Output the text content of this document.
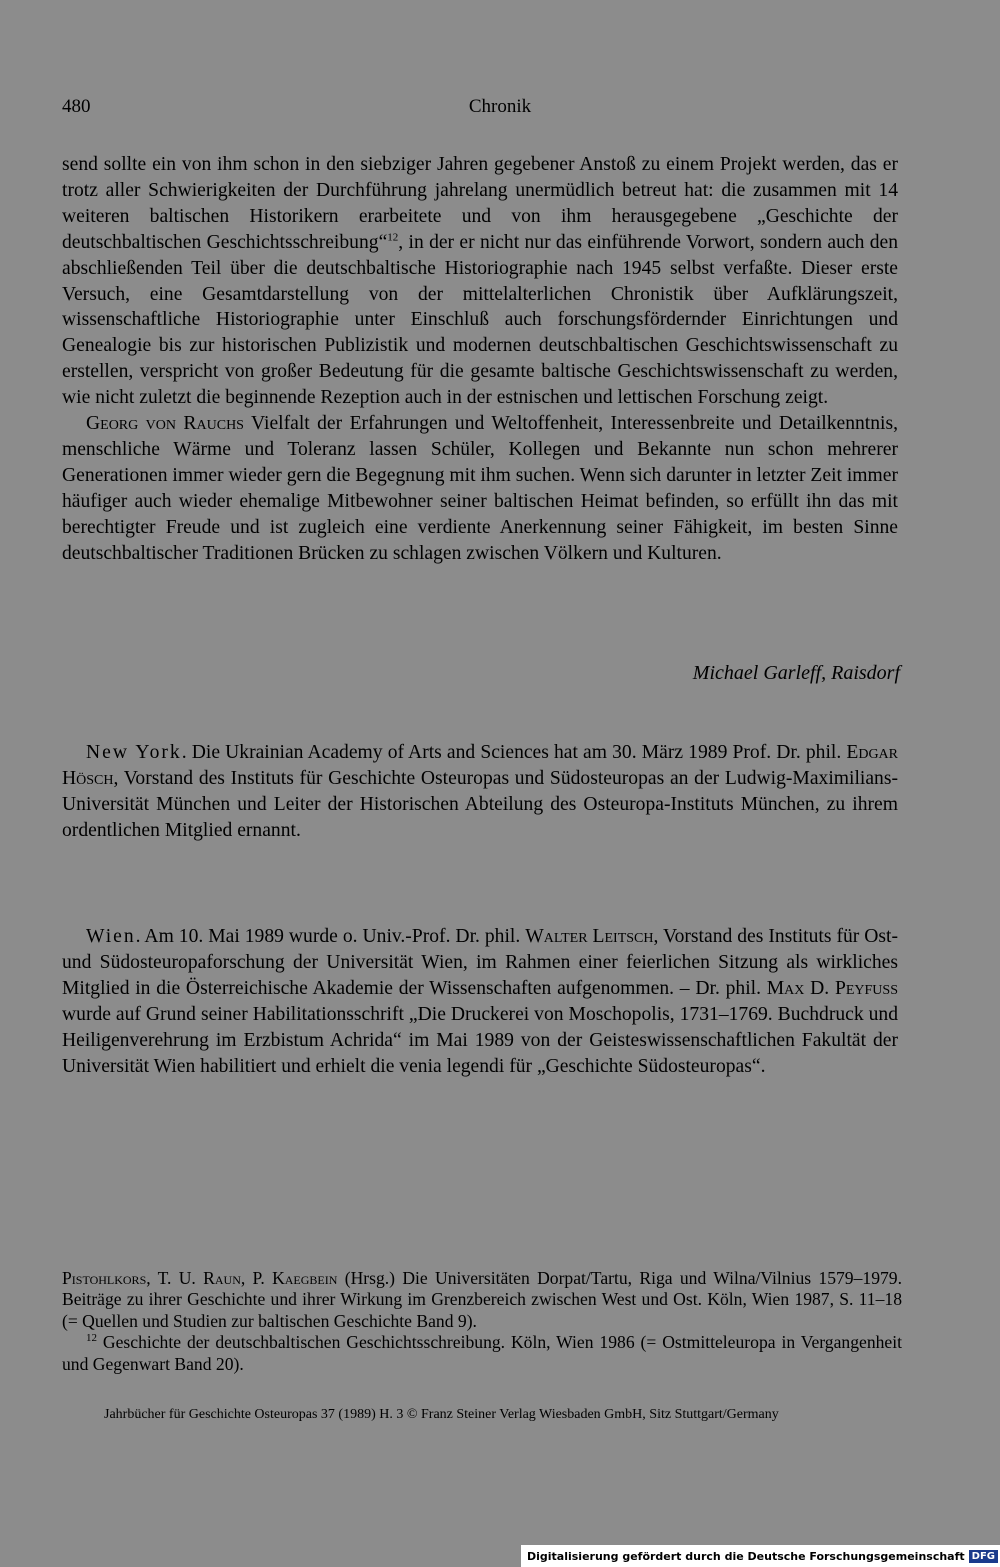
480	Chronik

send sollte ein von ihm schon in den siebziger Jahren gegebener Anstoß zu einem Projekt werden, das er trotz aller Schwierigkeiten der Durchführung jahrelang unermüdlich betreut hat: die zusammen mit 14 weiteren baltischen Historikern erarbeitete und von ihm herausgegebene „Geschichte der deutschbaltischen Geschichtsschreibung“$^{12}$, in der er nicht nur das einführende Vorwort, sondern auch den abschließenden Teil über die deutschbaltische Historiographie nach 1945 selbst verfaßte. Dieser erste Versuch, eine Gesamtdarstellung von der mittelalterlichen Chronistik über Aufklärungszeit, wissenschaftliche Historiographie unter Einschluß auch forschungsfördernder Einrichtungen und Genealogie bis zur historischen Publizistik und modernen deutschbaltischen Geschichtswissenschaft zu erstellen, verspricht von großer Bedeutung für die gesamte baltische Geschichtswissenschaft zu werden, wie nicht zuletzt die beginnende Rezeption auch in der estnischen und lettischen Forschung zeigt.

Georg von Rauchs Vielfalt der Erfahrungen und Weltoffenheit, Interessenbreite und Detailkenntnis, menschliche Wärme und Toleranz lassen Schüler, Kollegen und Bekannte nun schon mehrerer Generationen immer wieder gern die Begegnung mit ihm suchen. Wenn sich darunter in letzter Zeit immer häufiger auch wieder ehemalige Mitbewohner seiner baltischen Heimat befinden, so erfüllt ihn das mit berechtigter Freude und ist zugleich eine verdiente Anerkennung seiner Fähigkeit, im besten Sinne deutschbaltischer Traditionen Brücken zu schlagen zwischen Völkern und Kulturen.

Michael Garleff, Raisdorf

New York. Die Ukrainian Academy of Arts and Sciences hat am 30. März 1989 Prof. Dr. phil. Edgar Hösch, Vorstand des Instituts für Geschichte Osteuropas und Südosteuropas an der Ludwig-Maximilians-Universität München und Leiter der Historischen Abteilung des Osteuropa-Instituts München, zu ihrem ordentlichen Mitglied ernannt.

Wien. Am 10. Mai 1989 wurde o. Univ.-Prof. Dr. phil. Walter Leitsch, Vorstand des Instituts für Ost- und Südosteuropaforschung der Universität Wien, im Rahmen einer feierlichen Sitzung als wirkliches Mitglied in die Österreichische Akademie der Wissenschaften aufgenommen. – Dr. phil. Max D. Peyfuss wurde auf Grund seiner Habilitationsschrift „Die Druckerei von Moschopolis, 1731–1769. Buchdruck und Heiligenverehrung im Erzbistum Achrida“ im Mai 1989 von der Geisteswissenschaftlichen Fakultät der Universität Wien habilitiert und erhielt die venia legendi für „Geschichte Südosteuropas“.

Pistohlkors, T. U. Raun, P. Kaegbein (Hrsg.) Die Universitäten Dorpat/Tartu, Riga und Wilna/Vilnius 1579–1979. Beiträge zu ihrer Geschichte und ihrer Wirkung im Grenzbereich zwischen West und Ost. Köln, Wien 1987, S. 11–18 (= Quellen und Studien zur baltischen Geschichte Band 9).

$^{12}$ Geschichte der deutschbaltischen Geschichtsschreibung. Köln, Wien 1986 (= Ostmitteleuropa in Vergangenheit und Gegenwart Band 20).

Jahrbücher für Geschichte Osteuropas 37 (1989) H. 3 © Franz Steiner Verlag Wiesbaden GmbH, Sitz Stuttgart/Germany
Digitalisierung gefördert durch die Deutsche Forschungsgemeinschaft DFG
